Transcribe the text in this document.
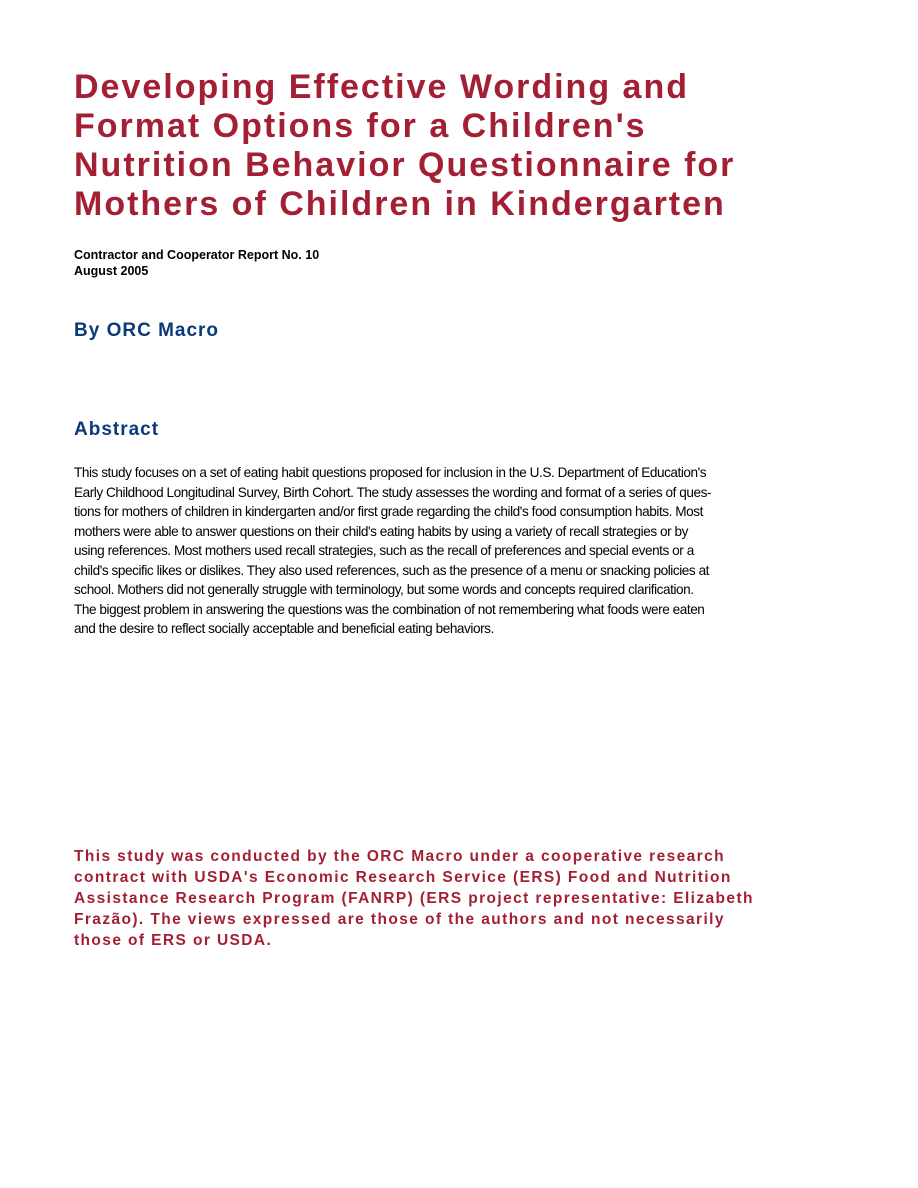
Developing Effective Wording and
Format Options for a Children's
Nutrition Behavior Questionnaire for
Mothers of Children in Kindergarten
Contractor and Cooperator Report No. 10
August 2005
By ORC Macro
Abstract
This study focuses on a set of eating habit questions proposed for inclusion in the U.S. Department of Education's
Early Childhood Longitudinal Survey, Birth Cohort. The study assesses the wording and format of a series of ques-
tions for mothers of children in kindergarten and/or first grade regarding the child's food consumption habits. Most
mothers were able to answer questions on their child's eating habits by using a variety of recall strategies or by
using references. Most mothers used recall strategies, such as the recall of preferences and special events or a
child's specific likes or dislikes. They also used references, such as the presence of a menu or snacking policies at
school. Mothers did not generally struggle with terminology, but some words and concepts required clarification.
The biggest problem in answering the questions was the combination of not remembering what foods were eaten
and the desire to reflect socially acceptable and beneficial eating behaviors.
This study was conducted by the ORC Macro under a cooperative research
contract with USDA's Economic Research Service (ERS) Food and Nutrition
Assistance Research Program (FANRP) (ERS project representative: Elizabeth
Frazão). The views expressed are those of the authors and not necessarily
those of ERS or USDA.
